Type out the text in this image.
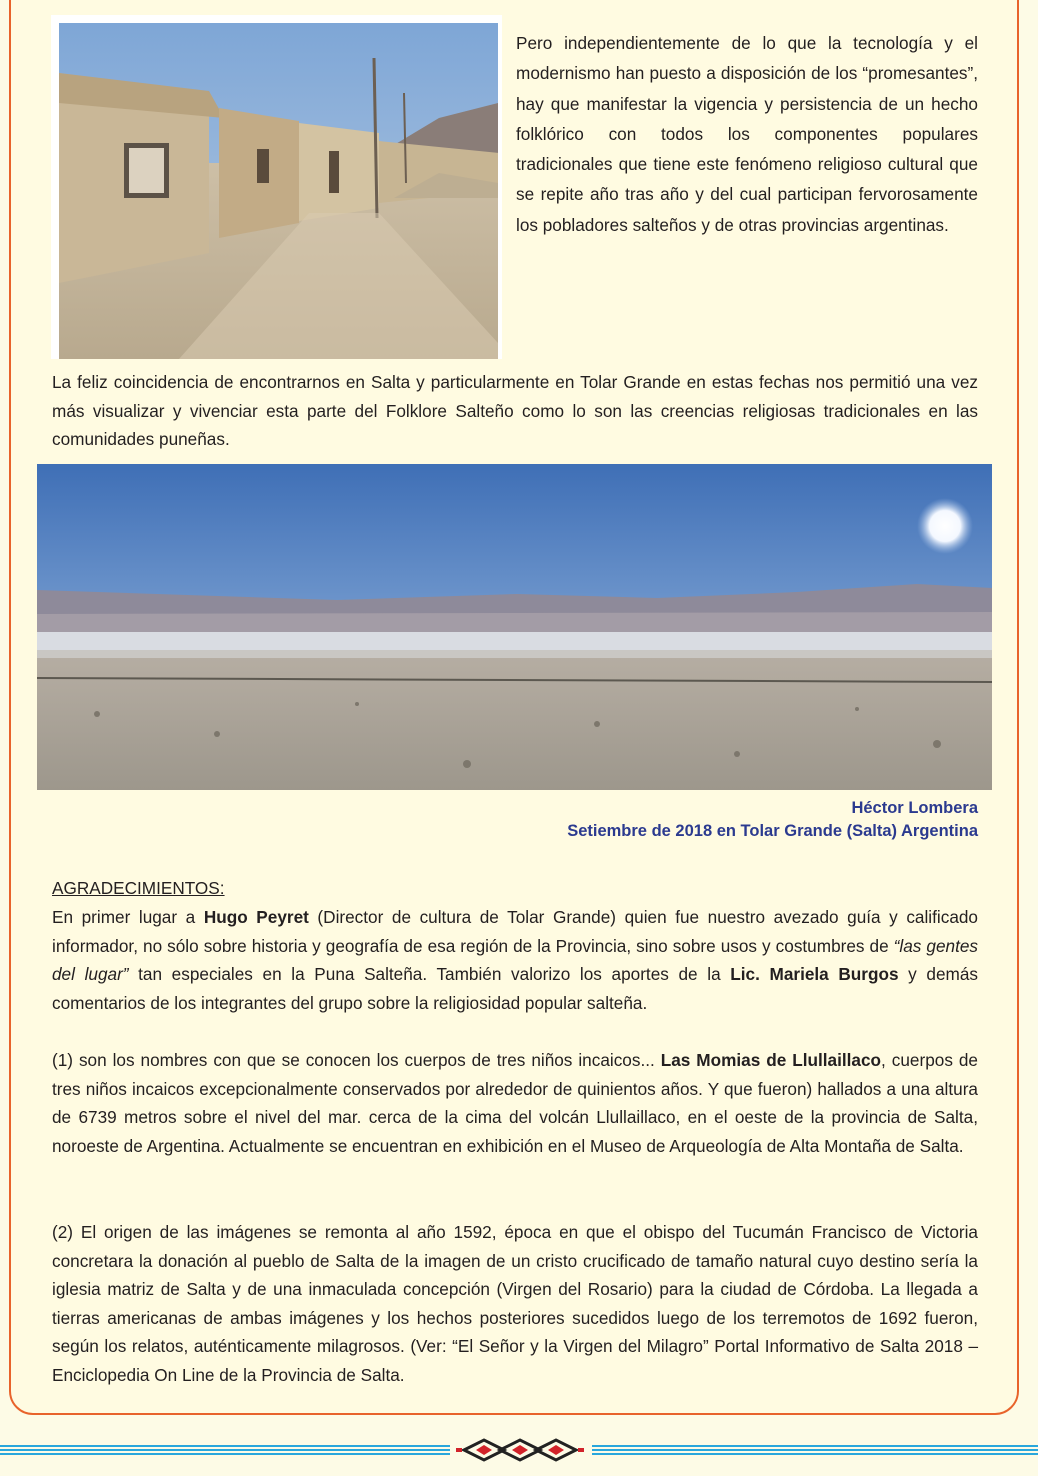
Pero independientemente de lo que la tecnología y el modernismo han puesto a disposición de los “promesantes”, hay que manifestar la vigencia y persistencia de un hecho folklórico con todos los componentes populares tradicionales que tiene este fenómeno religioso cultural que se repite año tras año y del cual participan fervorosamente los pobladores salteños y de otras provincias argentinas.

La feliz coincidencia de encontrarnos en Salta y particularmente en Tolar Grande en estas fechas nos permitió una vez más visualizar y vivenciar esta parte del Folklore Salteño como lo son las creencias religiosas tradicionales en las comunidades puneñas.

Héctor Lombera
Setiembre de 2018 en Tolar Grande (Salta) Argentina
AGRADECIMIENTOS:

En primer lugar a Hugo Peyret (Director de cultura de Tolar Grande) quien fue nuestro avezado guía y calificado informador, no sólo sobre historia y geografía de esa región de la Provincia, sino sobre usos y costumbres de “las gentes del lugar” tan especiales en la Puna Salteña. También valorizo los aportes de la Lic. Mariela Burgos y demás comentarios de los integrantes del grupo sobre la religiosidad popular salteña.

(1) son los nombres con que se conocen los cuerpos de tres niños incaicos... Las Momias de Llullaillaco, cuerpos de tres niños incaicos excepcionalmente conservados por alrededor de quinientos años. Y que fueron) hallados a una altura de 6739 metros sobre el nivel del mar. cerca de la cima del volcán Llullaillaco, en el oeste de la provincia de Salta, noroeste de Argentina. Actualmente se encuentran en exhibición en el Museo de Arqueología de Alta Montaña de Salta.

(2) El origen de las imágenes se remonta al año 1592, época en que el obispo del Tucumán Francisco de Victoria concretara la donación al pueblo de Salta de la imagen de un cristo crucificado de tamaño natural cuyo destino sería la iglesia matriz de Salta y de una inmaculada concepción (Virgen del Rosario) para la ciudad de Córdoba. La llegada a tierras americanas de ambas imágenes y los hechos posteriores sucedidos luego de los terremotos de 1692 fueron, según los relatos, auténticamente milagrosos. (Ver: “El Señor y la Virgen del Milagro” Portal Informativo de Salta 2018 –Enciclopedia On Line de la Provincia de Salta.
